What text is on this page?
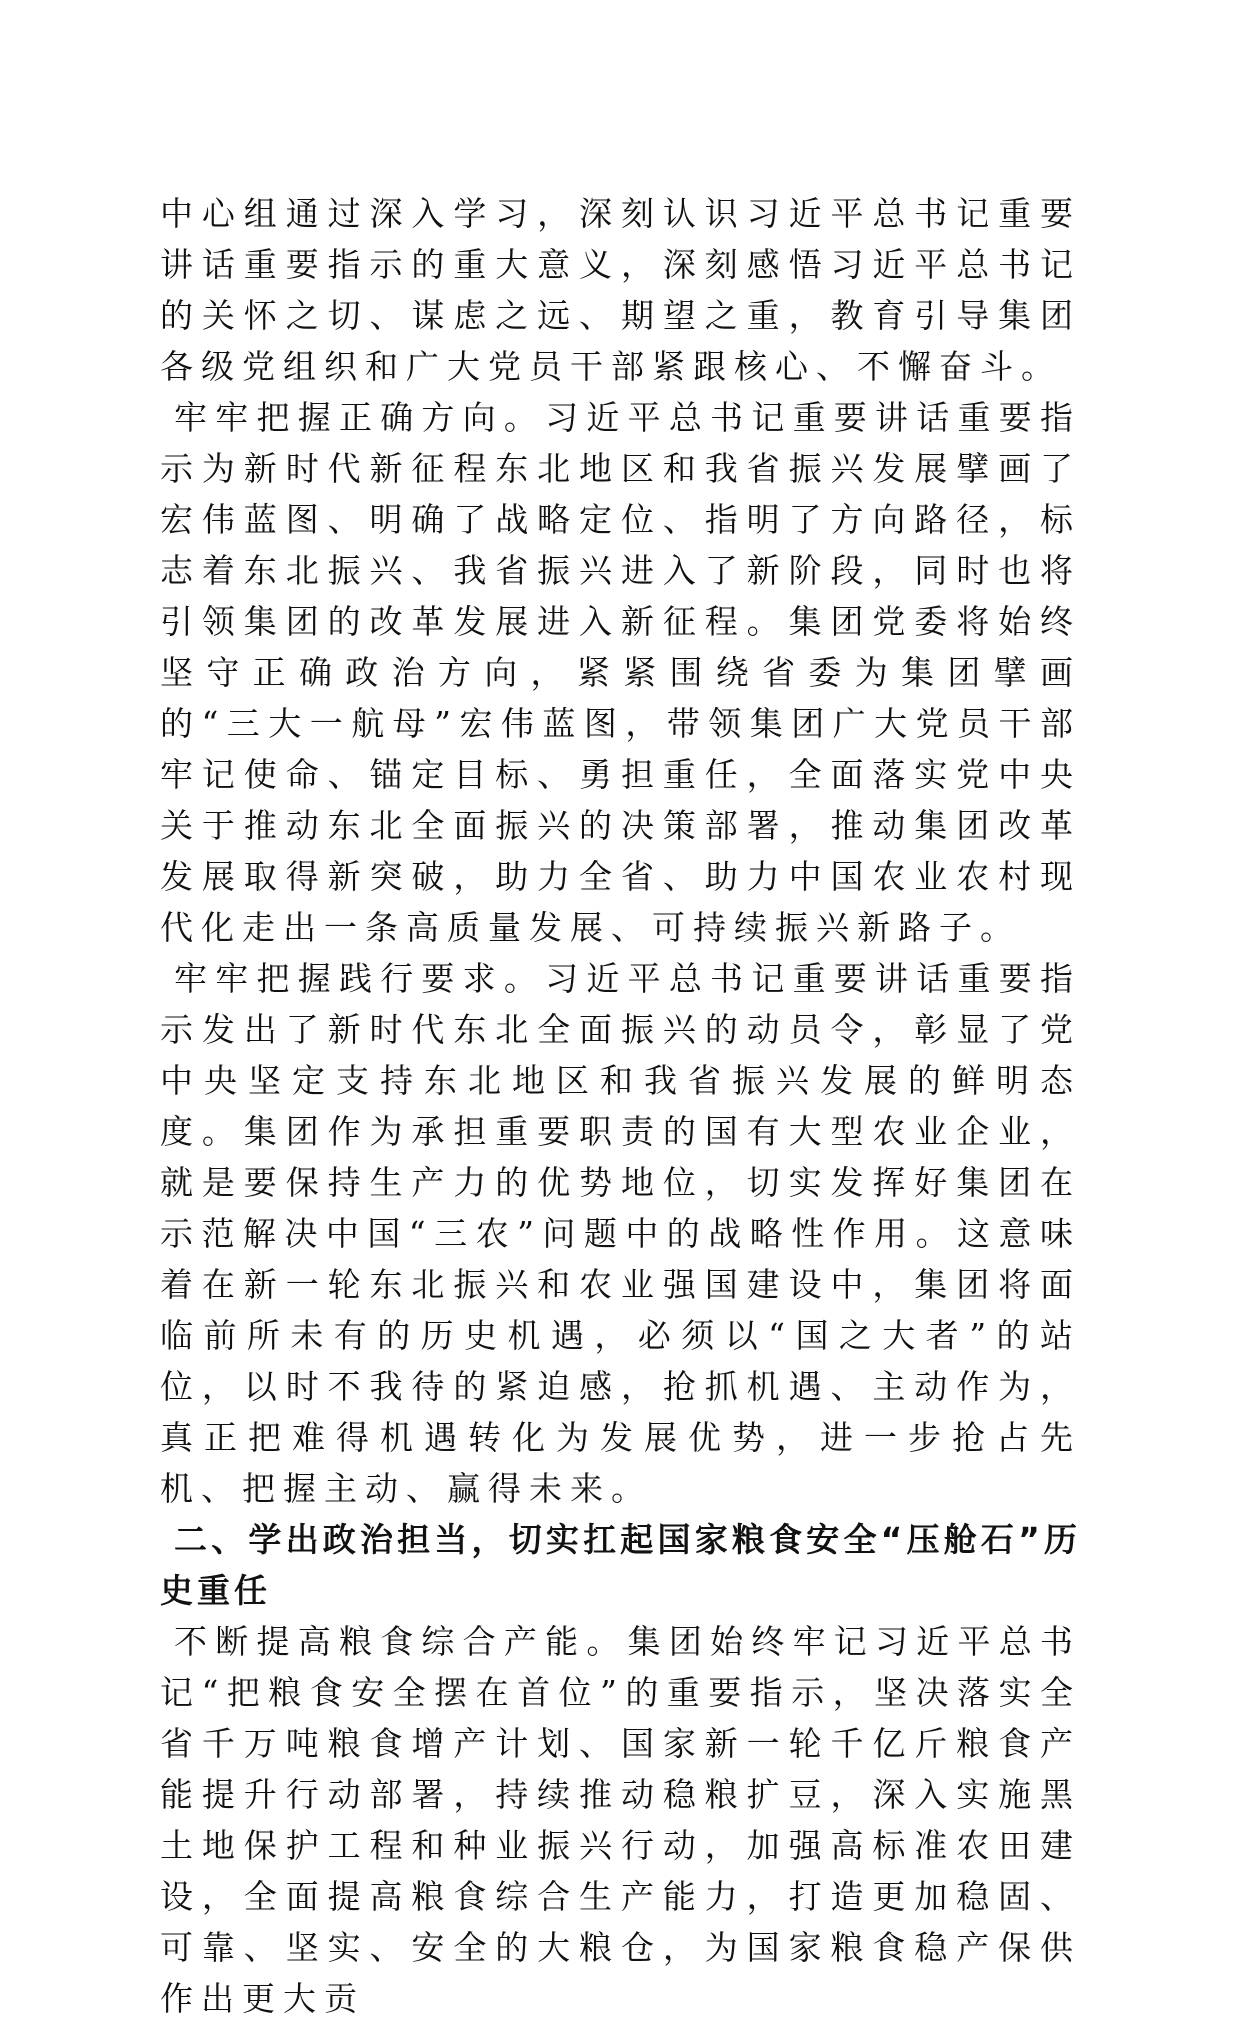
中心组通过深入学习，深刻认识习近平总书记重要讲话重要指示的重大意义，深刻感悟习近平总书记的关怀之切、谋虑之远、期望之重，教育引导集团各级党组织和广大党员干部紧跟核心、不懈奋斗。

牢牢把握正确方向。习近平总书记重要讲话重要指示为新时代新征程东北地区和我省振兴发展擘画了宏伟蓝图、明确了战略定位、指明了方向路径，标志着东北振兴、我省振兴进入了新阶段，同时也将引领集团的改革发展进入新征程。集团党委将始终坚守正确政治方向，紧紧围绕省委为集团擘画的“三大一航母”宏伟蓝图，带领集团广大党员干部牢记使命、锚定目标、勇担重任，全面落实党中央关于推动东北全面振兴的决策部署，推动集团改革发展取得新突破，助力全省、助力中国农业农村现代化走出一条高质量发展、可持续振兴新路子。

牢牢把握践行要求。习近平总书记重要讲话重要指示发出了新时代东北全面振兴的动员令，彰显了党中央坚定支持东北地区和我省振兴发展的鲜明态度。集团作为承担重要职责的国有大型农业企业，就是要保持生产力的优势地位，切实发挥好集团在示范解决中国“三农”问题中的战略性作用。这意味着在新一轮东北振兴和农业强国建设中，集团将面临前所未有的历史机遇，必须以“国之大者”的站位，以时不我待的紧迫感，抢抓机遇、主动作为，真正把难得机遇转化为发展优势，进一步抢占先机、把握主动、赢得未来。

二、学出政治担当，切实扛起国家粮食安全“压舱石”历史重任

不断提高粮食综合产能。集团始终牢记习近平总书记“把粮食安全摆在首位”的重要指示，坚决落实全省千万吨粮食增产计划、国家新一轮千亿斤粮食产能提升行动部署，持续推动稳粮扩豆，深入实施黑土地保护工程和种业振兴行动，加强高标准农田建设，全面提高粮食综合生产能力，打造更加稳固、可靠、坚实、安全的大粮仓，为国家粮食稳产保供作出更大贡
